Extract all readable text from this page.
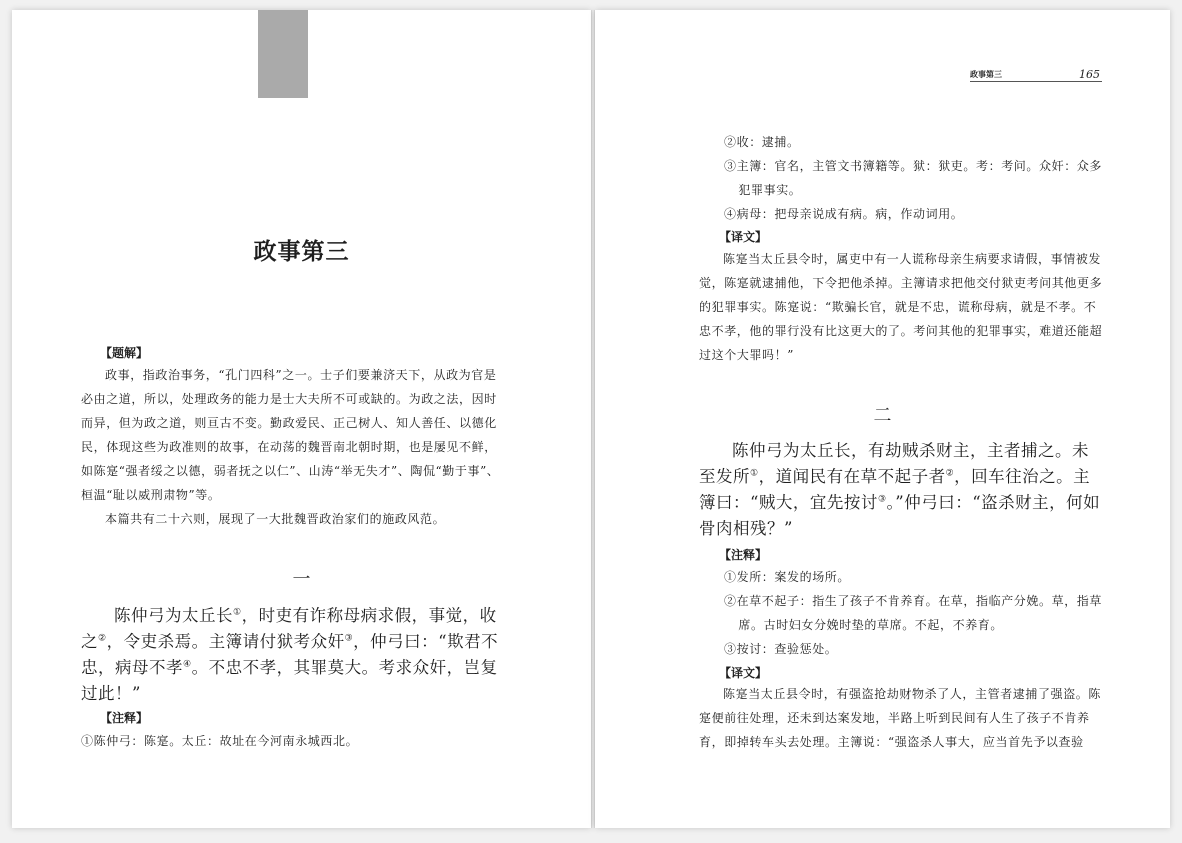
政事第三

【题解】

政事，指政治事务，“孔门四科”之一。士子们要兼济天下，从政为官是必由之道，所以，处理政务的能力是士大夫所不可或缺的。为政之法，因时而异，但为政之道，则亘古不变。勤政爱民、正己树人、知人善任、以德化民，体现这些为政准则的故事，在动荡的魏晋南北朝时期，也是屡见不鲜，如陈寔“强者绥之以德，弱者抚之以仁”、山涛“举无失才”、陶侃“勤于事”、桓温“耻以威刑肃物”等。

本篇共有二十六则，展现了一大批魏晋政治家们的施政风范。

一

陈仲弓为太丘长①，时吏有诈称母病求假，事觉，收之②，令吏杀焉。主簿请付狱考众奸③，仲弓曰：“欺君不忠，病母不孝④。不忠不孝，其罪莫大。考求众奸，岂复过此！”

【注释】

①陈仲弓：陈寔。太丘：故址在今河南永城西北。

政事第三	165

②收：逮捕。

③主簿：官名，主管文书簿籍等。狱：狱吏。考：考问。众奸：众多犯罪事实。

④病母：把母亲说成有病。病，作动词用。

【译文】

陈寔当太丘县令时，属吏中有一人谎称母亲生病要求请假，事情被发觉，陈寔就逮捕他，下令把他杀掉。主簿请求把他交付狱吏考问其他更多的犯罪事实。陈寔说：“欺骗长官，就是不忠，谎称母病，就是不孝。不忠不孝，他的罪行没有比这更大的了。考问其他的犯罪事实，难道还能超过这个大罪吗！”

二

陈仲弓为太丘长，有劫贼杀财主，主者捕之。未至发所①，道闻民有在草不起子者②，回车往治之。主簿曰：“贼大，宜先按讨③。”仲弓曰：“盗杀财主，何如骨肉相残？”

【注释】

①发所：案发的场所。

②在草不起子：指生了孩子不肯养育。在草，指临产分娩。草，指草席。古时妇女分娩时垫的草席。不起，不养育。

③按讨：查验惩处。

【译文】

陈寔当太丘县令时，有强盗抢劫财物杀了人，主管者逮捕了强盗。陈寔便前往处理，还未到达案发地，半路上听到民间有人生了孩子不肯养育，即掉转车头去处理。主簿说：“强盗杀人事大，应当首先予以查验
